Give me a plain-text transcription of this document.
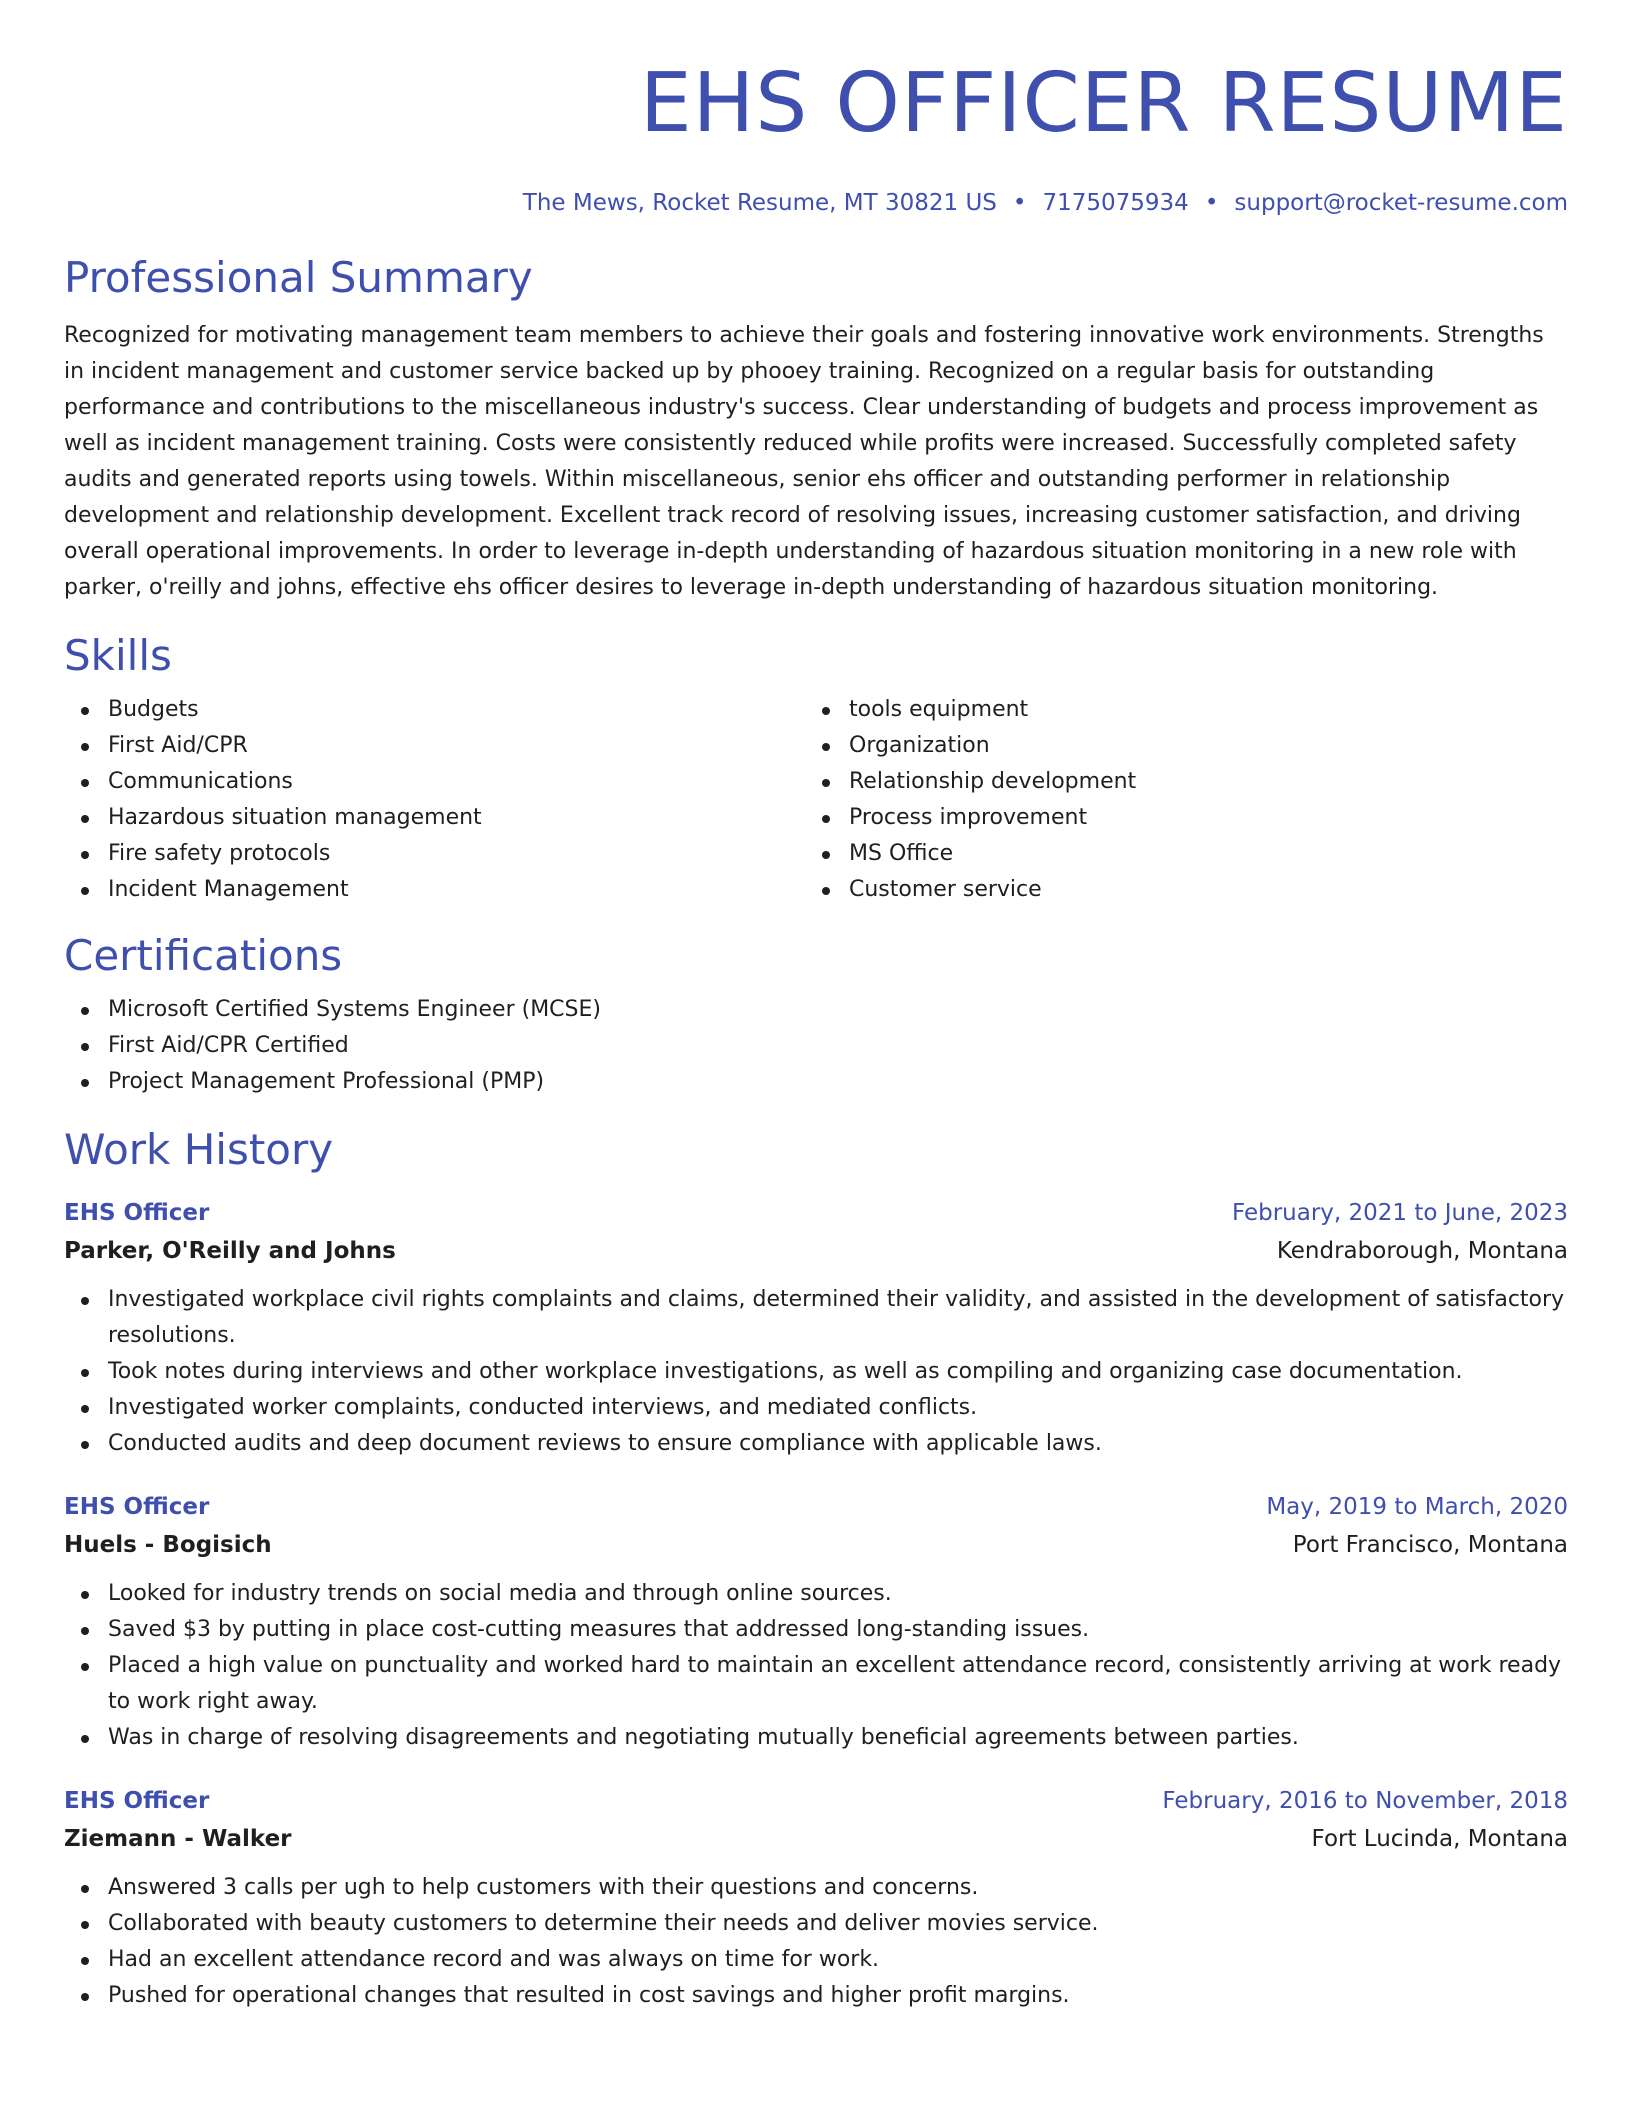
EHS OFFICER RESUME
The Mews, Rocket Resume, MT 30821 US • 7175075934 • support@rocket-resume.com
Professional Summary

Recognized for motivating management team members to achieve their goals and fostering innovative work environments. Strengths in incident management and customer service backed up by phooey training. Recognized on a regular basis for outstanding performance and contributions to the miscellaneous industry's success. Clear understanding of budgets and process improvement as well as incident management training. Costs were consistently reduced while profits were increased. Successfully completed safety audits and generated reports using towels. Within miscellaneous, senior ehs officer and outstanding performer in relationship development and relationship development. Excellent track record of resolving issues, increasing customer satisfaction, and driving overall operational improvements. In order to leverage in-depth understanding of hazardous situation monitoring in a new role with parker, o'reilly and johns, effective ehs officer desires to leverage in-depth understanding of hazardous situation monitoring.

Skills
Budgets
First Aid/CPR
Communications
Hazardous situation management
Fire safety protocols
Incident Management
tools equipment
Organization
Relationship development
Process improvement
MS Office
Customer service
Certifications
Microsoft Certified Systems Engineer (MCSE)
First Aid/CPR Certified
Project Management Professional (PMP)
Work History
EHS Officer	February, 2021 to June, 2023
Parker, O'Reilly and Johns	Kendraborough, Montana
Investigated workplace civil rights complaints and claims, determined their validity, and assisted in the development of satisfactory resolutions.
Took notes during interviews and other workplace investigations, as well as compiling and organizing case documentation.
Investigated worker complaints, conducted interviews, and mediated conflicts.
Conducted audits and deep document reviews to ensure compliance with applicable laws.
EHS Officer	May, 2019 to March, 2020
Huels - Bogisich	Port Francisco, Montana
Looked for industry trends on social media and through online sources.
Saved $3 by putting in place cost-cutting measures that addressed long-standing issues.
Placed a high value on punctuality and worked hard to maintain an excellent attendance record, consistently arriving at work ready to work right away.
Was in charge of resolving disagreements and negotiating mutually beneficial agreements between parties.
EHS Officer	February, 2016 to November, 2018
Ziemann - Walker	Fort Lucinda, Montana
Answered 3 calls per ugh to help customers with their questions and concerns.
Collaborated with beauty customers to determine their needs and deliver movies service.
Had an excellent attendance record and was always on time for work.
Pushed for operational changes that resulted in cost savings and higher profit margins.
